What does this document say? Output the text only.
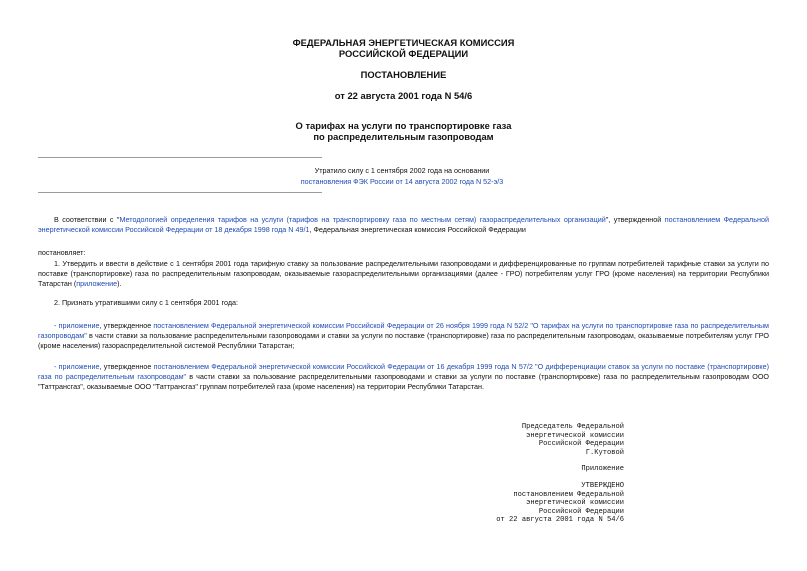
ФЕДЕРАЛЬНАЯ ЭНЕРГЕТИЧЕСКАЯ КОМИССИЯ
РОССИЙСКОЙ ФЕДЕРАЦИИ
ПОСТАНОВЛЕНИЕ
от 22 августа 2001 года N 54/6
О тарифах на услуги по транспортировке газа
по распределительным газопроводам
Утратило силу с 1 сентября 2002 года на основании
постановления ФЭК России от 14 августа 2002 года N 52-э/3
В соответствии с "Методологией определения тарифов на услуги (тарифов на транспортировку газа по местным сетям) газораспределительных организаций", утвержденной постановлением Федеральной энергетической комиссии Российской Федерации от 18 декабря 1998 года N 49/1, Федеральная энергетическая комиссия Российской Федерации
постановляет:
1. Утвердить и ввести в действие с 1 сентября 2001 года тарифную ставку за пользование распределительными газопроводами и дифференцированные по группам потребителей тарифные ставки за услуги по поставке (транспортировке) газа по распределительным газопроводам, оказываемые газораспределительными организациями (далее - ГРО) потребителям услуг ГРО (кроме населения) на территории Республики Татарстан (приложение).
2. Признать утратившими силу с 1 сентября 2001 года:
- приложение, утвержденное постановлением Федеральной энергетической комиссии Российской Федерации от 26 ноября 1999 года N 52/2 "О тарифах на услуги по транспортировке газа по распределительным газопроводам" в части ставки за пользование распределительными газопроводами и ставки за услуги по поставке (транспортировке) газа по распределительным газопроводам, оказываемые потребителям услуг ГРО (кроме населения) газораспределительной системой Республики Татарстан;
- приложение, утвержденное постановлением Федеральной энергетической комиссии Российской Федерации от 16 декабря 1999 года N 57/2 "О дифференциации ставок за услуги по поставке (транспортировке) газа по распределительным газопроводам" в части ставки за пользование распределительными газопроводами и ставки за услуги по поставке (транспортировке) газа по распределительным газопроводам ООО "Таттрансгаз", оказываемые ООО "Таттрансгаз" группам потребителей газа (кроме населения) на территории Республики Татарстан.
Председатель Федеральной
энергетической комиссии
Российской Федерации
Г.Кутовой
Приложение
УТВЕРЖДЕНО
постановлением Федеральной
энергетической комиссии
Российской Федерации
от 22 августа 2001 года N 54/6
